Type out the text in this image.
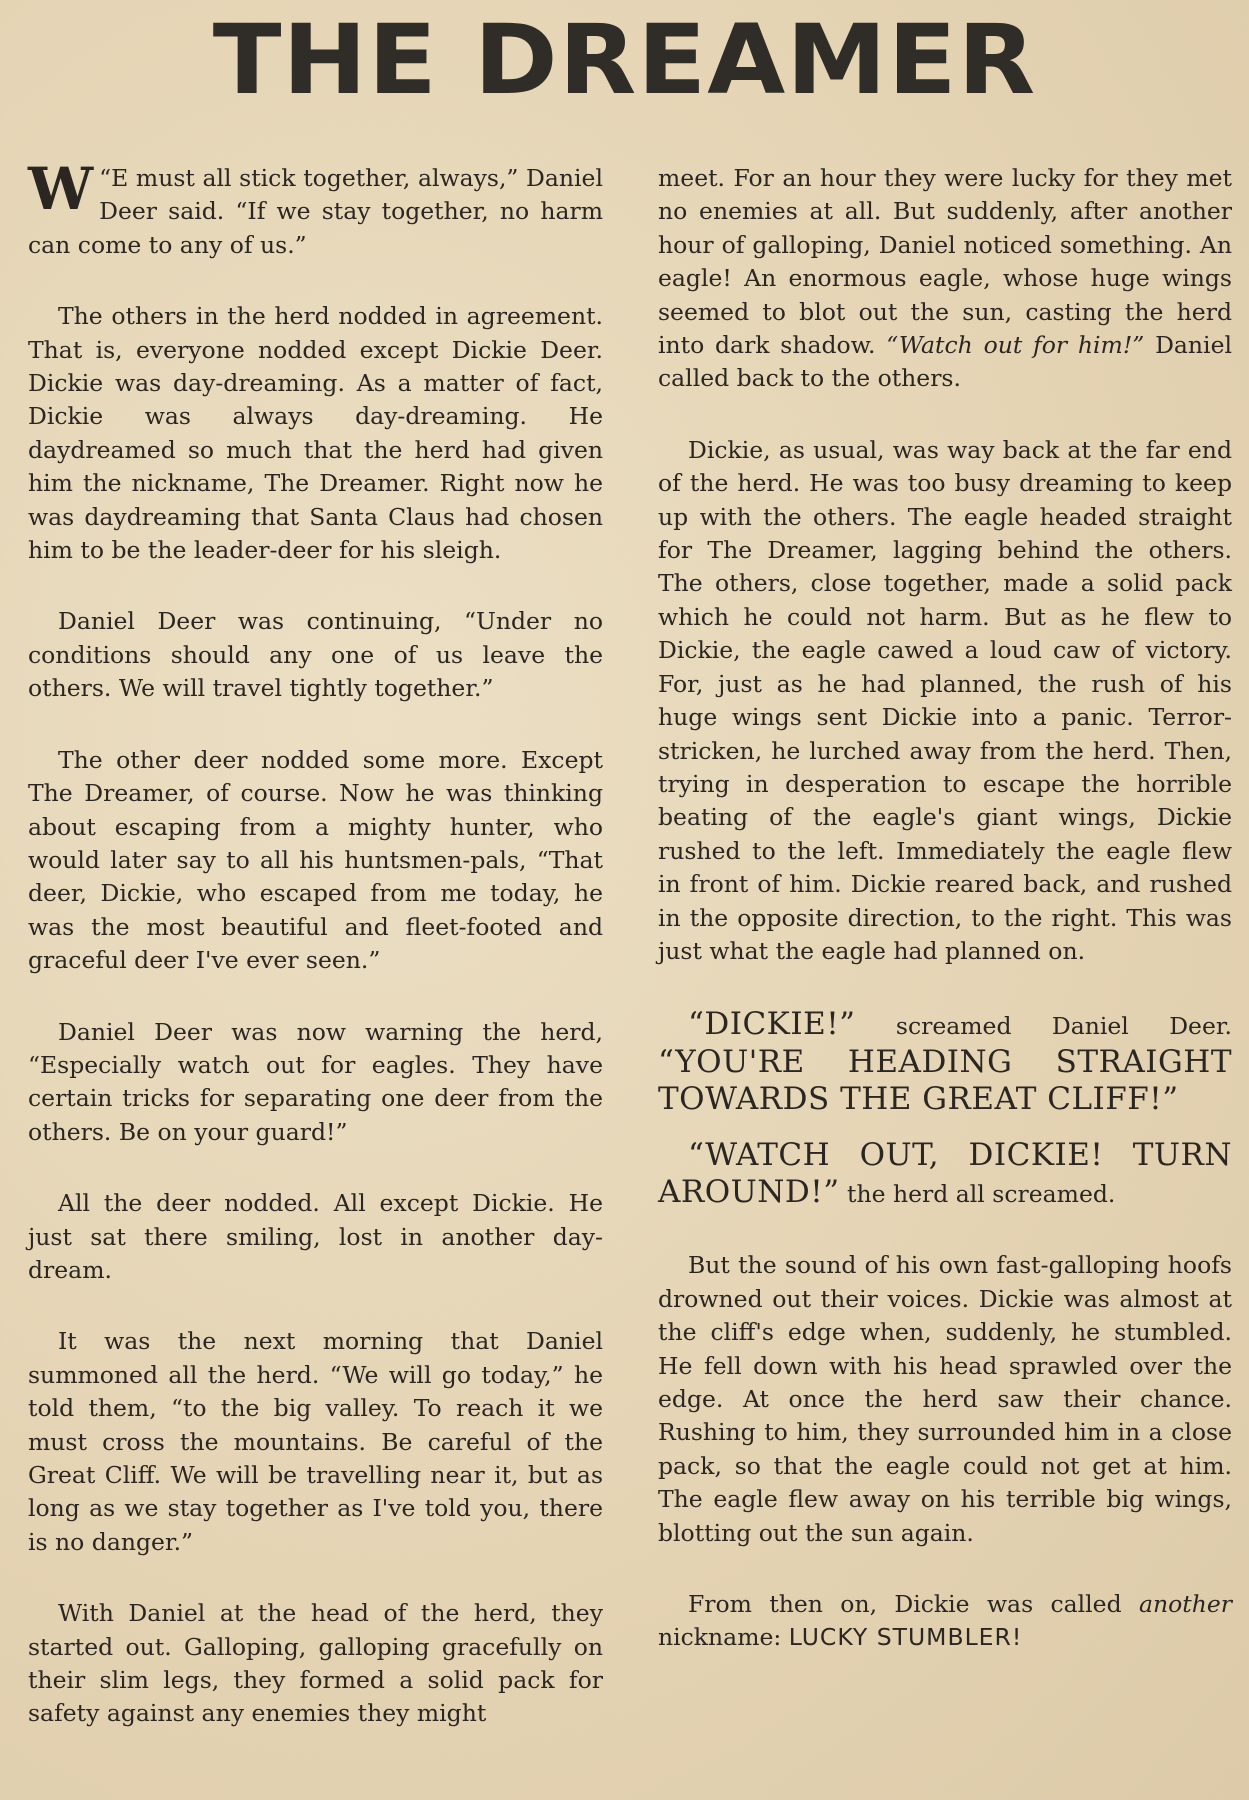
THE DREAMER

“
W E must all stick together, always,” Daniel Deer said. “If we stay together, no harm can come to any of us.”

The others in the herd nodded in agreement. That is, everyone nodded except Dickie Deer. Dickie was day-dreaming. As a matter of fact, Dickie was always day-dreaming. He daydreamed so much that the herd had given him the nickname, The Dreamer. Right now he was daydreaming that Santa Claus had chosen him to be the leader-deer for his sleigh.

Daniel Deer was continuing, “Under no conditions should any one of us leave the others. We will travel tightly together.”

The other deer nodded some more. Except The Dreamer, of course. Now he was thinking about escaping from a mighty hunter, who would later say to all his huntsmen-pals, “That deer, Dickie, who escaped from me today, he was the most beautiful and fleet-footed and graceful deer I've ever seen.”

Daniel Deer was now warning the herd, “Especially watch out for eagles. They have certain tricks for separating one deer from the others. Be on your guard!”

All the deer nodded. All except Dickie. He just sat there smiling, lost in another day-dream.

It was the next morning that Daniel summoned all the herd. “We will go today,” he told them, “to the big valley. To reach it we must cross the mountains. Be careful of the Great Cliff. We will be travelling near it, but as long as we stay together as I've told you, there is no danger.”

With Daniel at the head of the herd, they started out. Galloping, galloping gracefully on their slim legs, they formed a solid pack for safety against any enemies they might

meet. For an hour they were lucky for they met no enemies at all. But suddenly, after another hour of galloping, Daniel noticed something. An eagle! An enormous eagle, whose huge wings seemed to blot out the sun, casting the herd into dark shadow. “Watch out for him!” Daniel called back to the others.

Dickie, as usual, was way back at the far end of the herd. He was too busy dreaming to keep up with the others. The eagle headed straight for The Dreamer, lagging behind the others. The others, close together, made a solid pack which he could not harm. But as he flew to Dickie, the eagle cawed a loud caw of victory. For, just as he had planned, the rush of his huge wings sent Dickie into a panic. Terror-stricken, he lurched away from the herd. Then, trying in desperation to escape the horrible beating of the eagle's giant wings, Dickie rushed to the left. Immediately the eagle flew in front of him. Dickie reared back, and rushed in the opposite direction, to the right. This was just what the eagle had planned on.

“DICKIE!” screamed Daniel Deer. “YOU'RE HEADING STRAIGHT TOWARDS THE GREAT CLIFF!”

“WATCH OUT, DICKIE! TURN AROUND!” the herd all screamed.

But the sound of his own fast-galloping hoofs drowned out their voices. Dickie was almost at the cliff's edge when, suddenly, he stumbled. He fell down with his head sprawled over the edge. At once the herd saw their chance. Rushing to him, they surrounded him in a close pack, so that the eagle could not get at him. The eagle flew away on his terrible big wings, blotting out the sun again.

From then on, Dickie was called another nickname: LUCKY STUMBLER!
